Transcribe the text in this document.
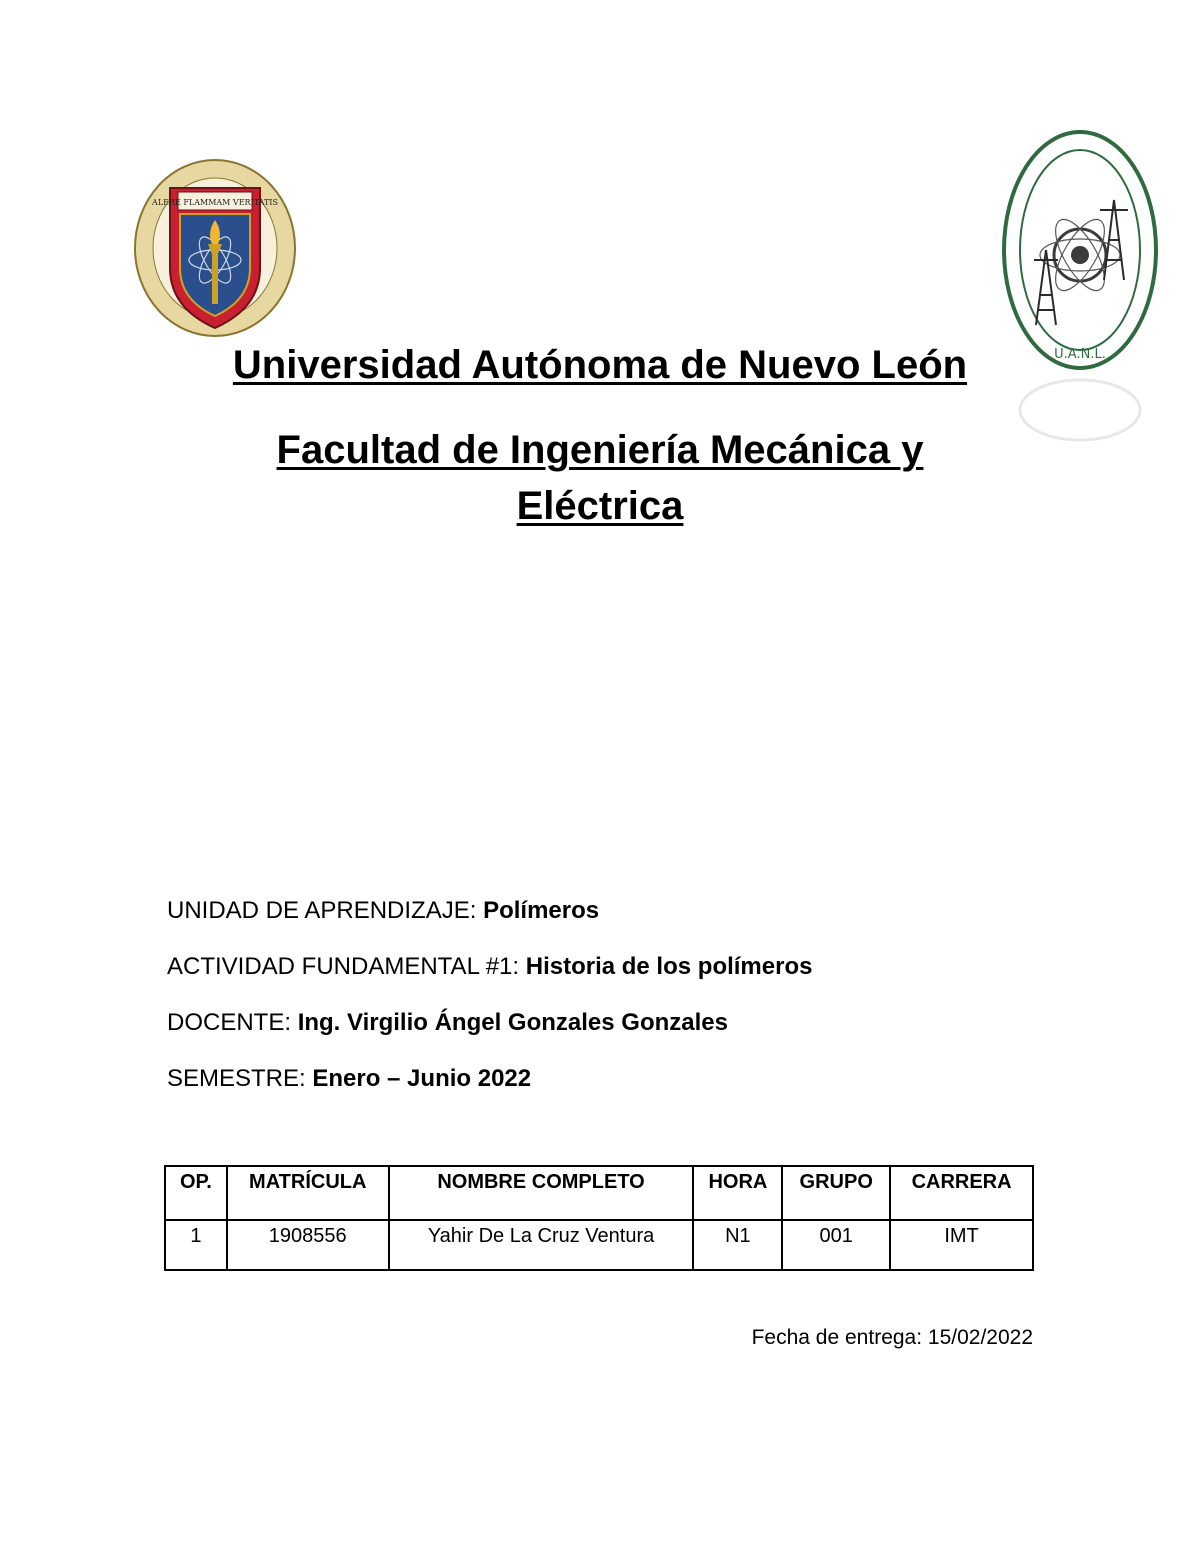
ALERE FLAMMAM VERITATIS
U.A.N.L.
Universidad Autónoma de Nuevo León
Facultad de Ingeniería Mecánica y
Eléctrica
UNIDAD DE APRENDIZAJE: Polímeros
ACTIVIDAD FUNDAMENTAL #1: Historia de los polímeros
DOCENTE: Ing. Virgilio Ángel Gonzales Gonzales
SEMESTRE: Enero – Junio 2022
OP.	MATRÍCULA	NOMBRE COMPLETO	HORA	GRUPO	CARRERA
1	1908556	Yahir De La Cruz Ventura	N1	001	IMT
Fecha de entrega: 15/02/2022
